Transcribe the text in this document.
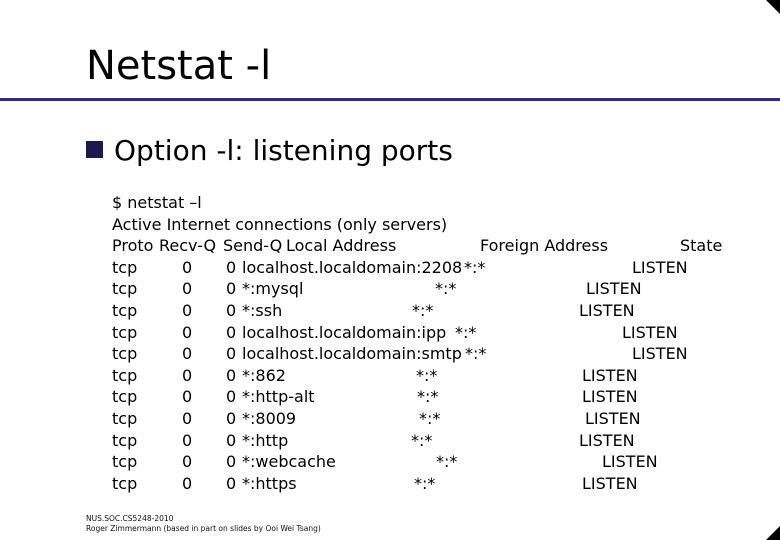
Netstat -l
Option -l: listening ports
$ netstat –l
Active Internet connections (only servers)
Proto Recv-Q Send-Q Local Address	Foreign Address	State
tcp	0 0 localhost.localdomain:2208 *:*	LISTEN
tcp	0 0 *:mysql	*:*	LISTEN
tcp	0 0 *:ssh	*:*	LISTEN
tcp	0 0 localhost.localdomain:ipp *:*	LISTEN
tcp	0 0 localhost.localdomain:smtp *:*	LISTEN
tcp	0 0 *:862	*:*	LISTEN
tcp	0 0 *:http-alt	*:*	LISTEN
tcp	0 0 *:8009	*:*	LISTEN
tcp	0 0 *:http	*:*	LISTEN
tcp	0 0 *:webcache	*:*	LISTEN
tcp	0 0 *:https	*:*	LISTEN
NUS.SOC.CS5248-2010
Roger Zimmermann (based in part on slides by Ooi Wei Tsang)
